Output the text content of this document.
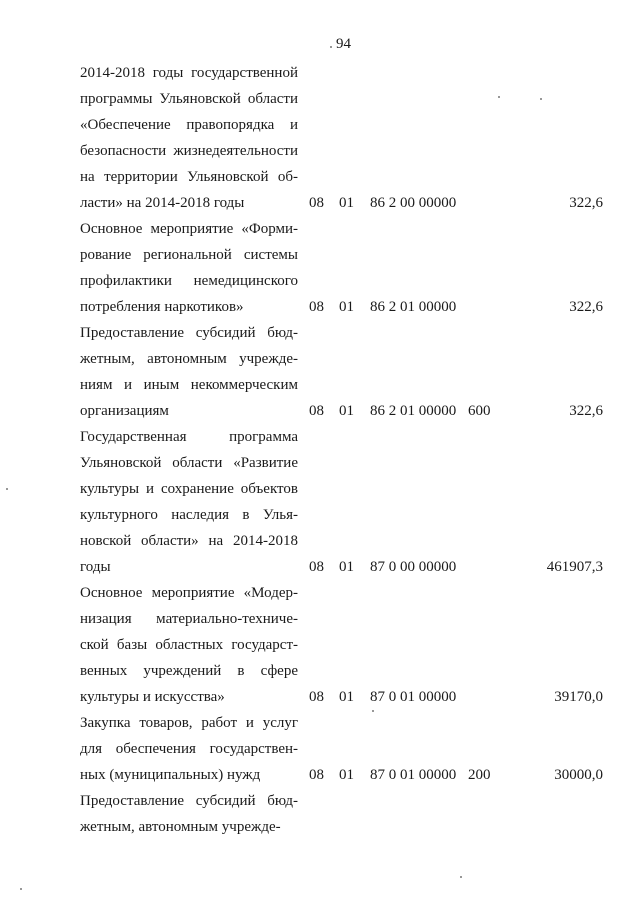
94
2014-2018 годы государственной
программы Ульяновской области
«Обеспечение правопорядка и
безопасности жизнедеятельности
на территории Ульяновской об-
ласти» на 2014-2018 годы	08 01 86 2 00 00000	322,6
Основное мероприятие «Форми-
рование региональной системы
профилактики немедицинского
потребления наркотиков»	08 01 86 2 01 00000	322,6
Предоставление субсидий бюд-
жетным, автономным учрежде-
ниям и иным некоммерческим
организациям	08 01 86 2 01 00000 600	322,6
Государственная программа
Ульяновской области «Развитие
культуры и сохранение объектов
культурного наследия в Улья-
новской области» на 2014-2018
годы	08 01 87 0 00 00000	461907,3
Основное мероприятие «Модер-
низация материально-техниче-
ской базы областных государст-
венных учреждений в сфере
культуры и искусства»	08 01 87 0 01 00000	39170,0
Закупка товаров, работ и услуг
для обеспечения государствен-
ных (муниципальных) нужд	08 01 87 0 01 00000 200	30000,0
Предоставление субсидий бюд-
жетным, автономным учрежде-
